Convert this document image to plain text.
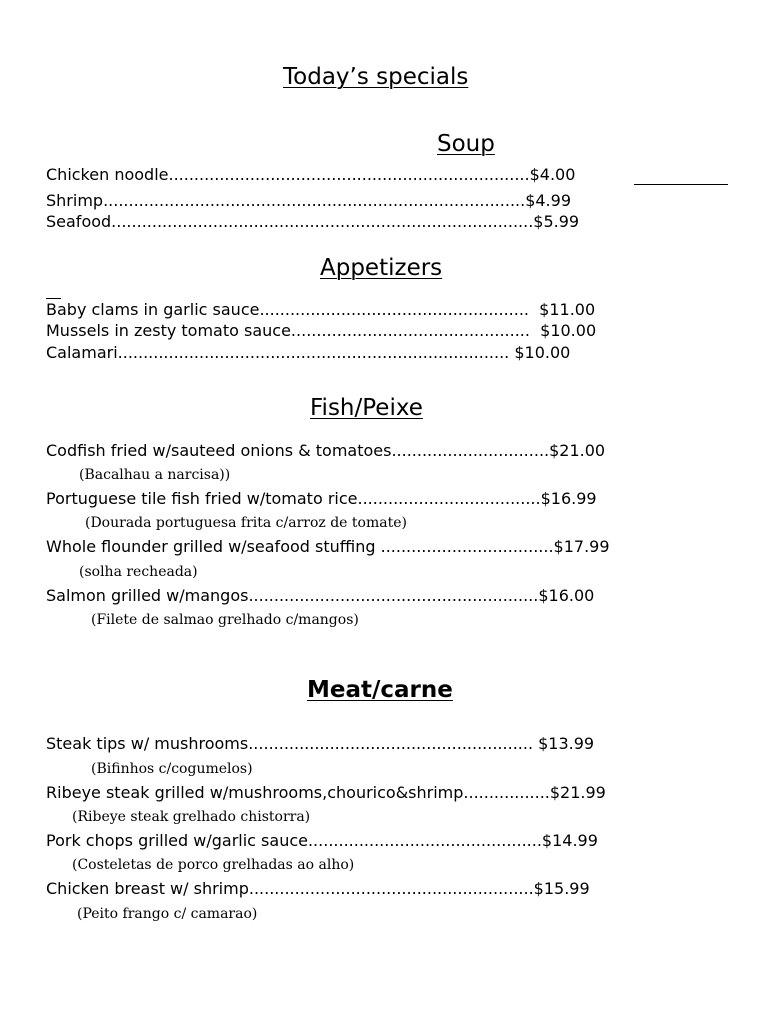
Today’s specials
Soup
Chicken noodle.......................................................................$4.00
Shrimp...................................................................................$4.99
Seafood...................................................................................$5.99
Appetizers
Baby clams in garlic sauce.....................................................  $11.00
Mussels in zesty tomato sauce...............................................  $10.00
Calamari............................................................................. $10.00
Fish/Peixe
Codfish fried w/sauteed onions & tomatoes...............................$21.00
(Bacalhau a narcisa))
Portuguese tile fish fried w/tomato rice....................................$16.99
(Dourada portuguesa frita c/arroz de tomate)
Whole flounder grilled w/seafood stuffing ..................................$17.99
(solha recheada)
Salmon grilled w/mangos.........................................................$16.00
(Filete de salmao grelhado c/mangos)
Meat/carne
Steak tips w/ mushrooms........................................................ $13.99
(Bifinhos c/cogumelos)
Ribeye steak grilled w/mushrooms,chourico&shrimp.................$21.99
(Ribeye steak grelhado chistorra)
Pork chops grilled w/garlic sauce..............................................$14.99
(Costeletas de porco grelhadas ao alho)
Chicken breast w/ shrimp........................................................$15.99
(Peito frango c/ camarao)
